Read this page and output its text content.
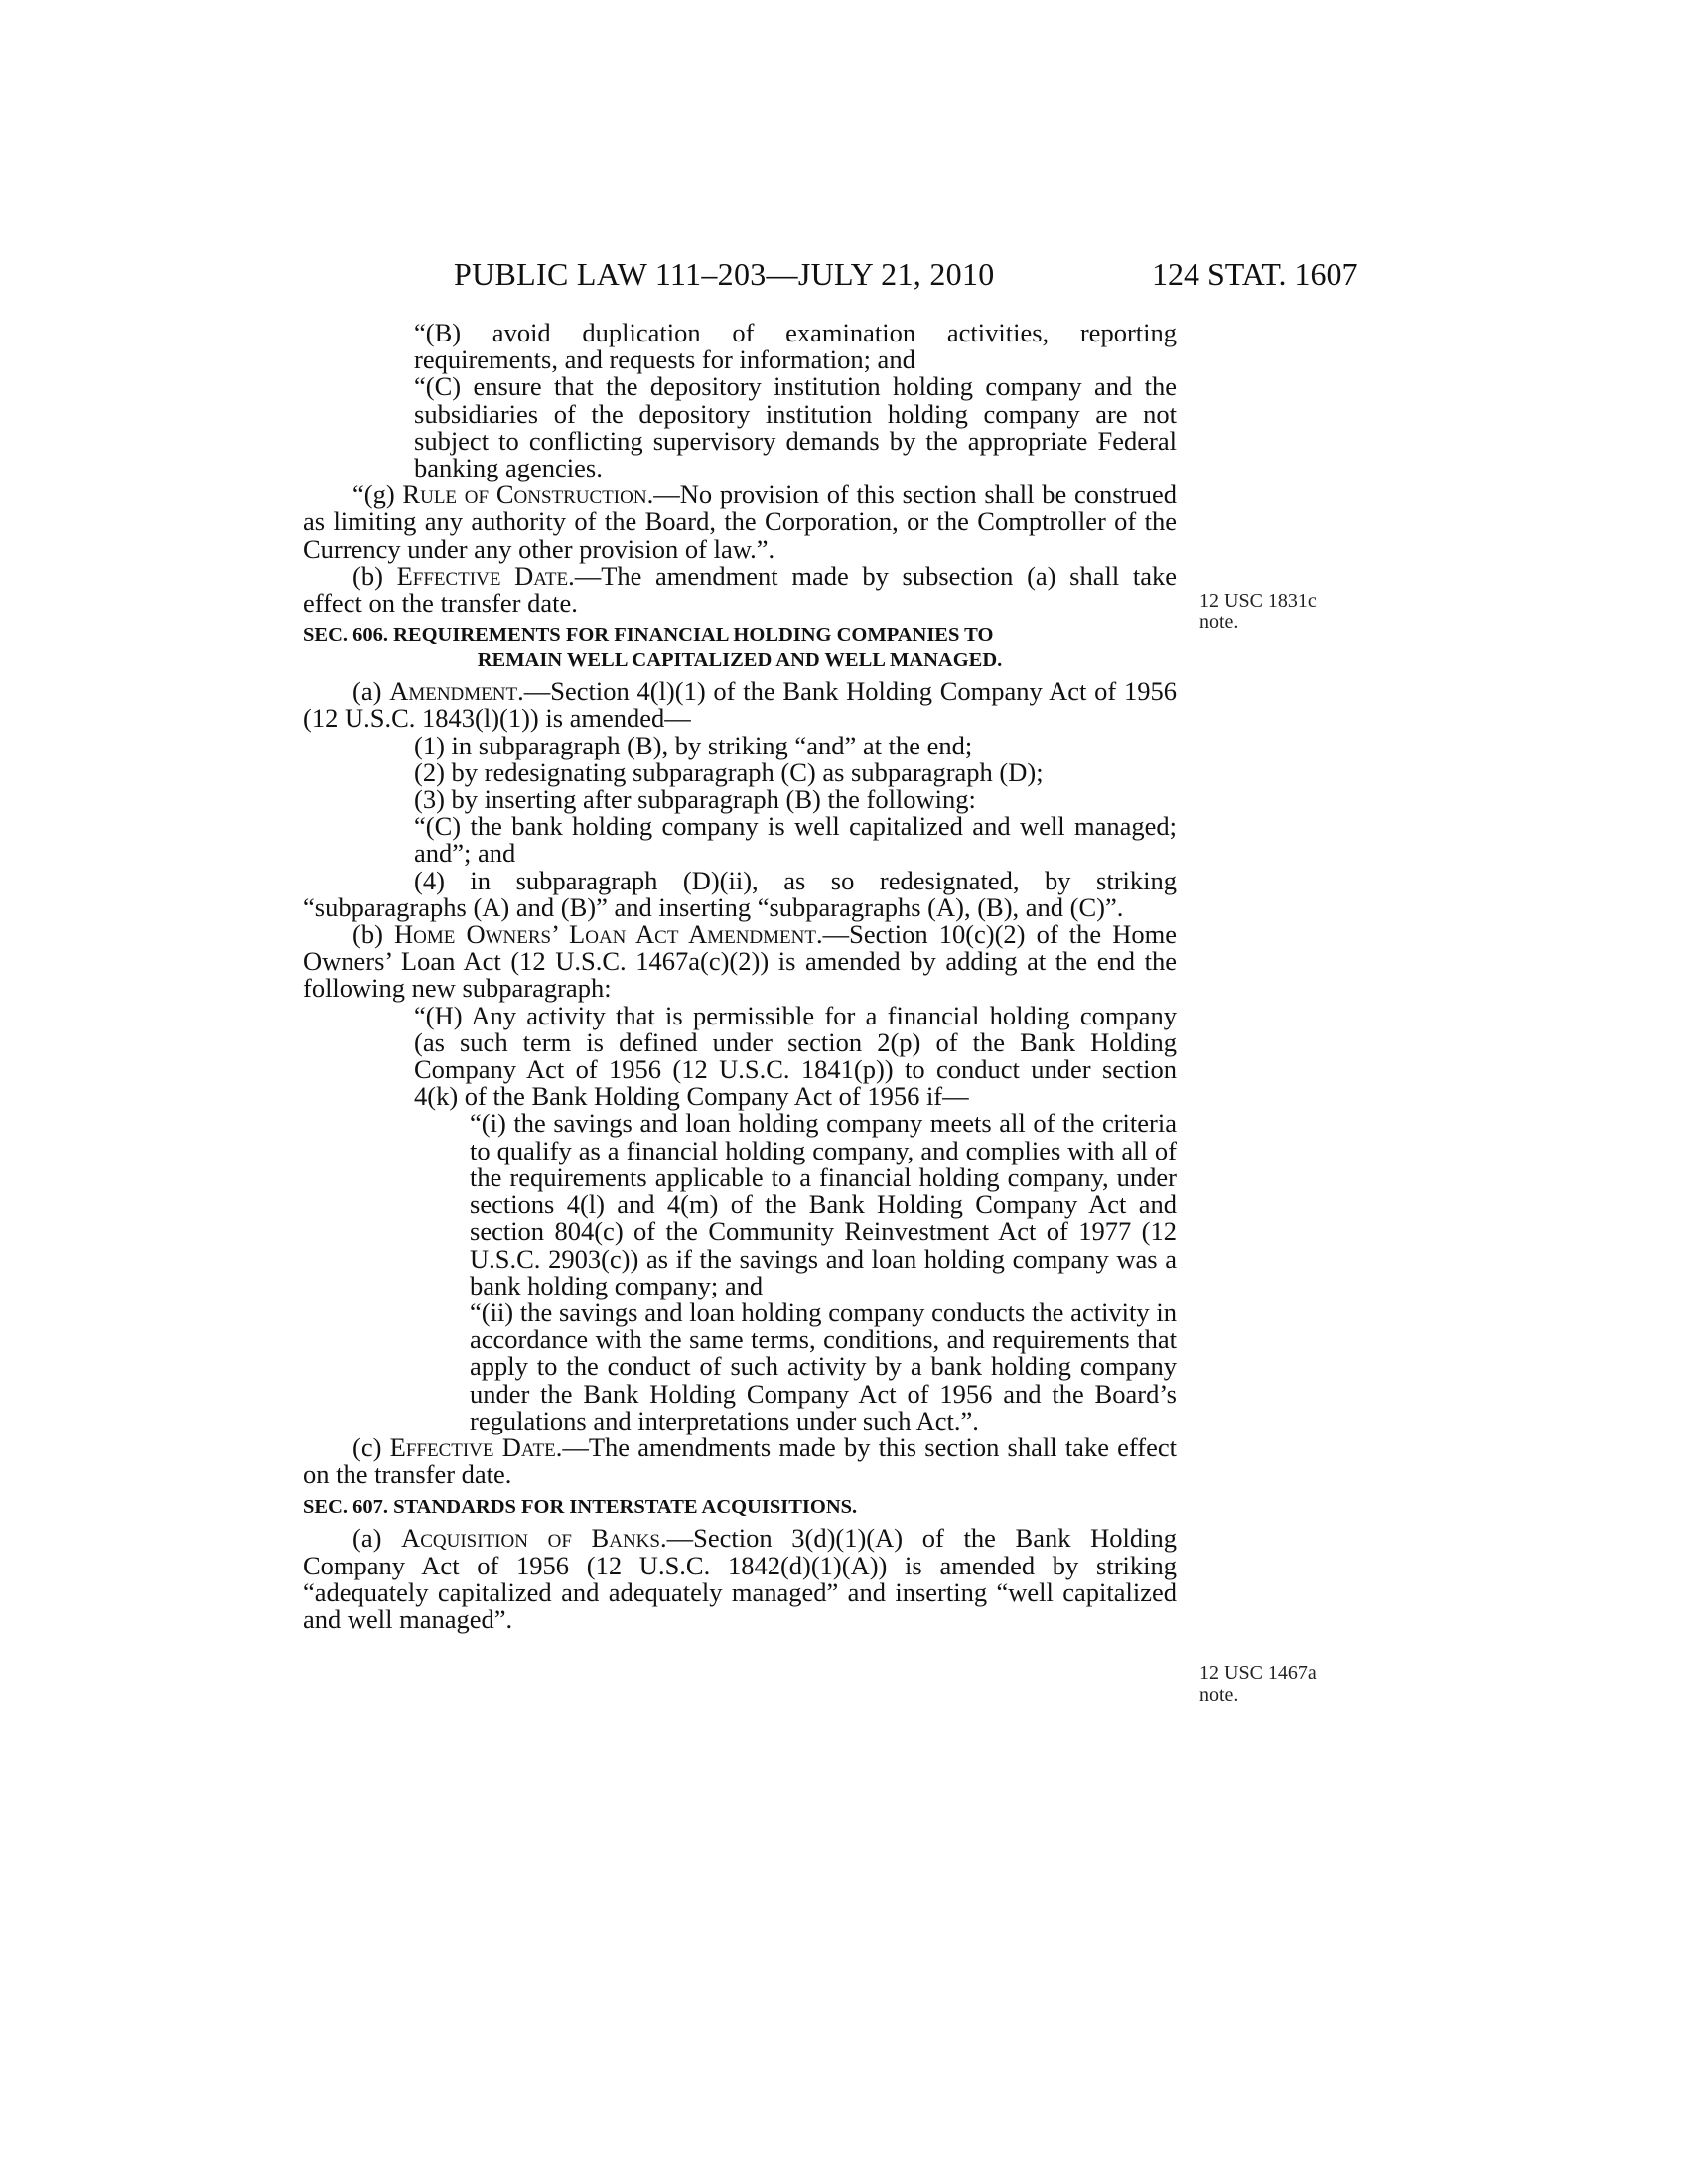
PUBLIC LAW 111–203—JULY 21, 2010	124 STAT. 1607

“(B) avoid duplication of examination activities, reporting requirements, and requests for information; and

“(C) ensure that the depository institution holding company and the subsidiaries of the depository institution holding company are not subject to conflicting supervisory demands by the appropriate Federal banking agencies.

“(g) Rule of Construction.—No provision of this section shall be construed as limiting any authority of the Board, the Corporation, or the Comptroller of the Currency under any other provision of law.”.

(b) Effective Date.—The amendment made by subsection (a) shall take effect on the transfer date.

SEC. 606. REQUIREMENTS FOR FINANCIAL HOLDING COMPANIES TO
REMAIN WELL CAPITALIZED AND WELL MANAGED.

(a) Amendment.—Section 4(l)(1) of the Bank Holding Company Act of 1956 (12 U.S.C. 1843(l)(1)) is amended—

(1) in subparagraph (B), by striking “and” at the end;

(2) by redesignating subparagraph (C) as subparagraph (D);

(3) by inserting after subparagraph (B) the following:

“(C) the bank holding company is well capitalized and well managed; and”; and

(4) in subparagraph (D)(ii), as so redesignated, by striking “subparagraphs (A) and (B)” and inserting “subparagraphs (A), (B), and (C)”.

(b) Home Owners’ Loan Act Amendment.—Section 10(c)(2) of the Home Owners’ Loan Act (12 U.S.C. 1467a(c)(2)) is amended by adding at the end the following new subparagraph:

“(H) Any activity that is permissible for a financial holding company (as such term is defined under section 2(p) of the Bank Holding Company Act of 1956 (12 U.S.C. 1841(p)) to conduct under section 4(k) of the Bank Holding Company Act of 1956 if—

“(i) the savings and loan holding company meets all of the criteria to qualify as a financial holding company, and complies with all of the requirements applicable to a financial holding company, under sections 4(l) and 4(m) of the Bank Holding Company Act and section 804(c) of the Community Reinvestment Act of 1977 (12 U.S.C. 2903(c)) as if the savings and loan holding company was a bank holding company; and

“(ii) the savings and loan holding company conducts the activity in accordance with the same terms, conditions, and requirements that apply to the conduct of such activity by a bank holding company under the Bank Holding Company Act of 1956 and the Board’s regulations and interpretations under such Act.”.

(c) Effective Date.—The amendments made by this section shall take effect on the transfer date.

SEC. 607. STANDARDS FOR INTERSTATE ACQUISITIONS.

(a) Acquisition of Banks.—Section 3(d)(1)(A) of the Bank Holding Company Act of 1956 (12 U.S.C. 1842(d)(1)(A)) is amended by striking “adequately capitalized and adequately managed” and inserting “well capitalized and well managed”.

12 USC 1831c
note.
12 USC 1467a
note.
